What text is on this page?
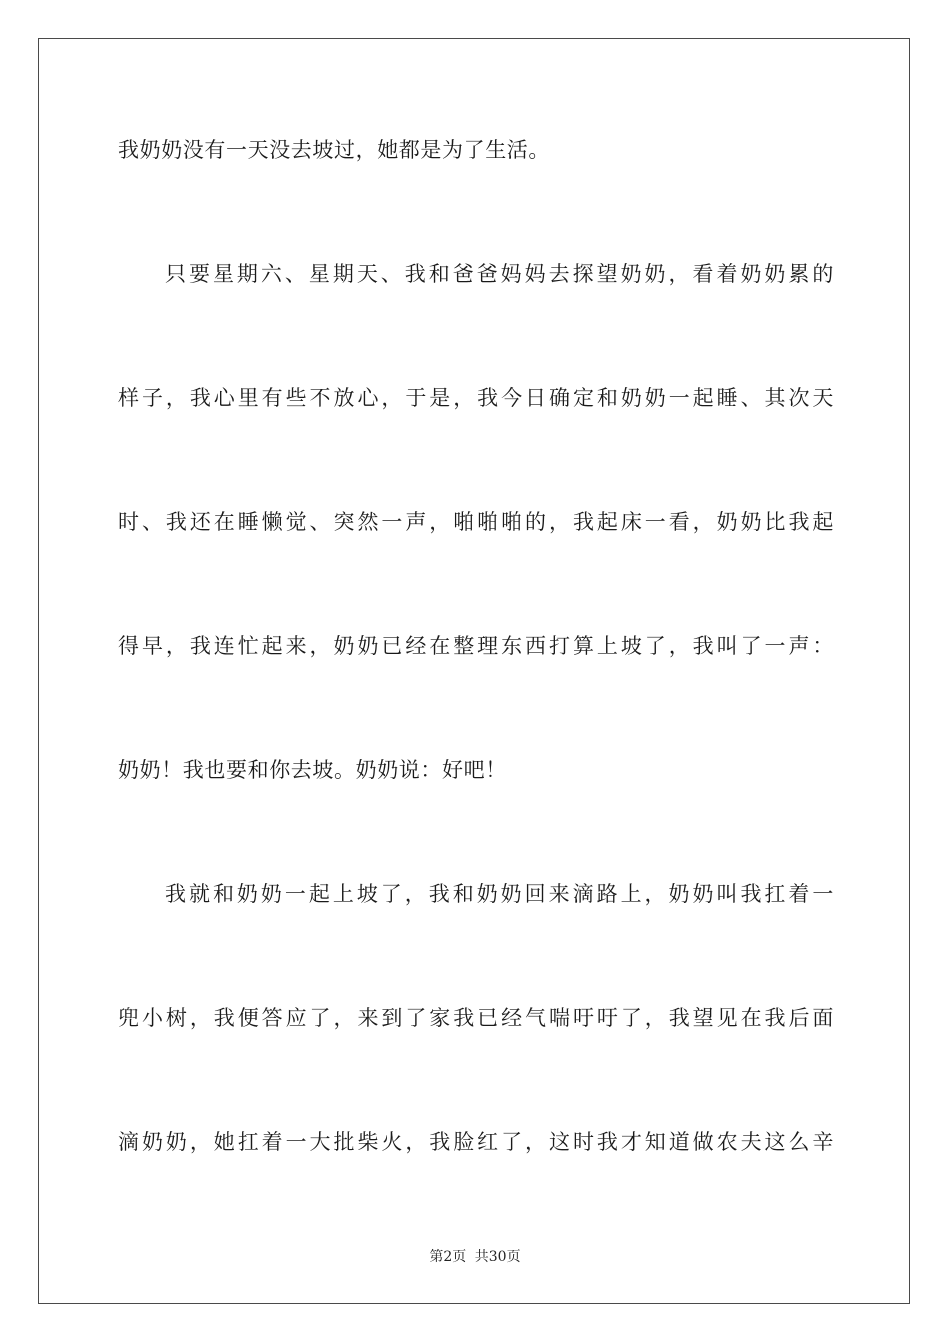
我奶奶没有一天没去坡过，她都是为了生活。
只要星期六、星期天、我和爸爸妈妈去探望奶奶，看着奶奶累的
样子，我心里有些不放心，于是，我今日确定和奶奶一起睡、其次天
时、我还在睡懒觉、突然一声，啪啪啪的，我起床一看，奶奶比我起
得早，我连忙起来，奶奶已经在整理东西打算上坡了，我叫了一声：
奶奶！我也要和你去坡。奶奶说：好吧！
我就和奶奶一起上坡了，我和奶奶回来滴路上，奶奶叫我扛着一
兜小树，我便答应了，来到了家我已经气喘吁吁了，我望见在我后面
滴奶奶，她扛着一大批柴火，我脸红了，这时我才知道做农夫这么辛
第2页 共30页
